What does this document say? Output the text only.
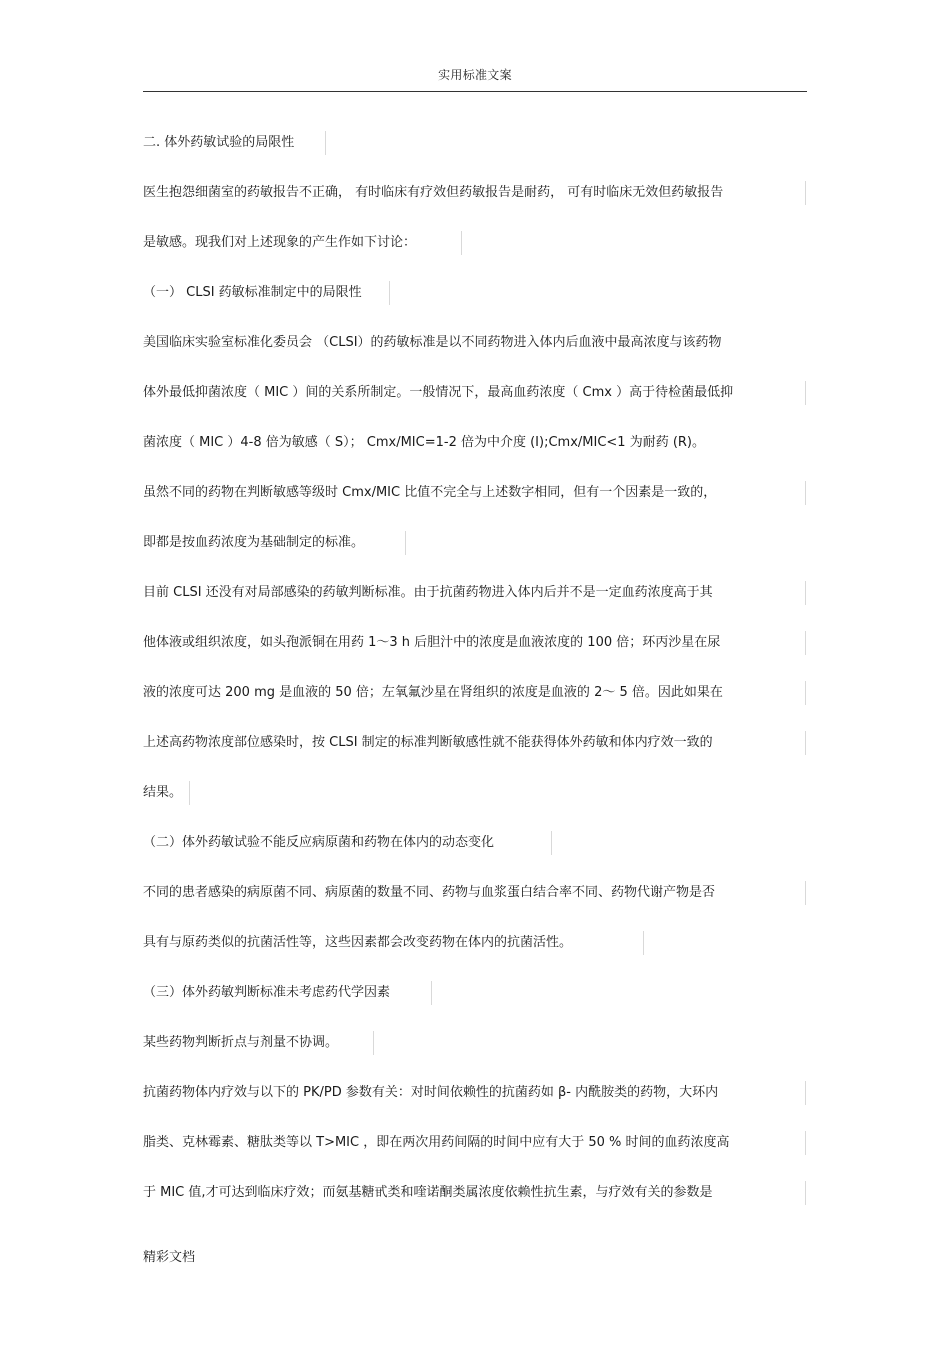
实用标准文案
二. 体外药敏试验的局限性
医生抱怨细菌室的药敏报告不正确， 有时临床有疗效但药敏报告是耐药， 可有时临床无效但药敏报告
是敏感。现我们对上述现象的产生作如下讨论：
（一） CLSI 药敏标准制定中的局限性
美国临床实验室标准化委员会 （CLSI）的药敏标准是以不同药物进入体内后血液中最高浓度与该药物
体外最低抑菌浓度（ MIC ）间的关系所制定。一般情况下，最高血药浓度（ Cmx ）高于待检菌最低抑
菌浓度（ MIC ）4-8 倍为敏感（ S）； Cmx/MIC=1-2 倍为中介度 (I);Cmx/MIC<1 为耐药 (R)。
虽然不同的药物在判断敏感等级时 Cmx/MIC 比值不完全与上述数字相同，但有一个因素是一致的，
即都是按血药浓度为基础制定的标准。
目前 CLSI 还没有对局部感染的药敏判断标准。由于抗菌药物进入体内后并不是一定血药浓度高于其
他体液或组织浓度，如头孢派铜在用药 1～3 h 后胆汁中的浓度是血液浓度的 100 倍；环丙沙星在尿
液的浓度可达 200 mg 是血液的 50 倍；左氧氟沙星在肾组织的浓度是血液的 2～ 5 倍。因此如果在
上述高药物浓度部位感染时，按 CLSI 制定的标准判断敏感性就不能获得体外药敏和体内疗效一致的
结果。
（二）体外药敏试验不能反应病原菌和药物在体内的动态变化
不同的患者感染的病原菌不同、病原菌的数量不同、药物与血浆蛋白结合率不同、药物代谢产物是否
具有与原药类似的抗菌活性等，这些因素都会改变药物在体内的抗菌活性。
（三）体外药敏判断标准未考虑药代学因素
某些药物判断折点与剂量不协调。
抗菌药物体内疗效与以下的 PK/PD 参数有关：对时间依赖性的抗菌药如 β- 内酰胺类的药物，大环内
脂类、克林霉素、糖肽类等以 T>MIC ，即在两次用药间隔的时间中应有大于 50 % 时间的血药浓度高
于 MIC 值,才可达到临床疗效；而氨基糖甙类和喹诺酮类属浓度依赖性抗生素，与疗效有关的参数是
精彩文档
